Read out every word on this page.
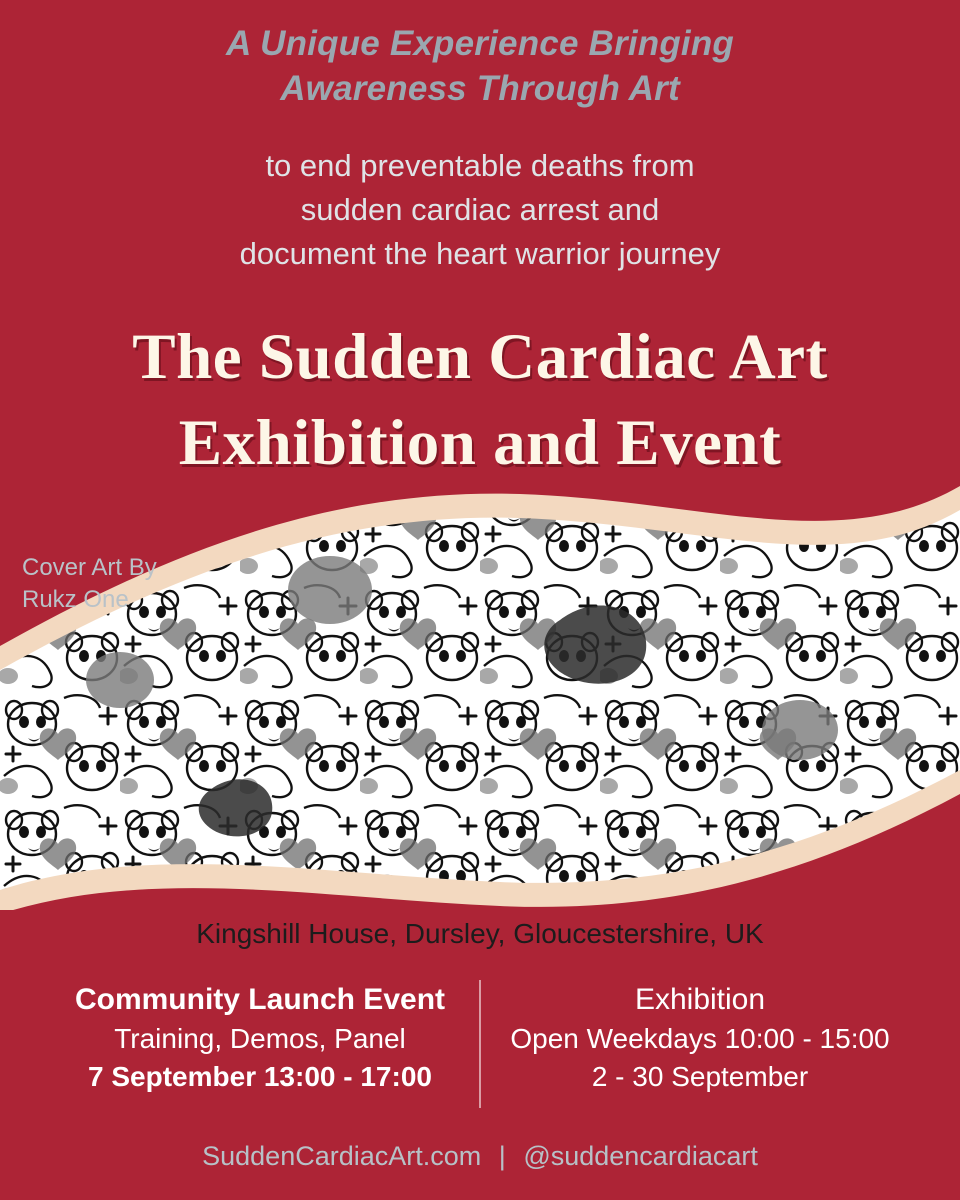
A Unique Experience Bringing
Awareness Through Art
to end preventable deaths from
sudden cardiac arrest and
document the heart warrior journey
The Sudden Cardiac Art
Exhibition and Event
Cover Art By
Rukz One
Kingshill House, Dursley, Gloucestershire, UK
Community Launch Event
Training, Demos, Panel
7 September 13:00 - 17:00
Exhibition
Open Weekdays 10:00 - 15:00
2 - 30 September
SuddenCardiacArt.com | @suddencardiacart
